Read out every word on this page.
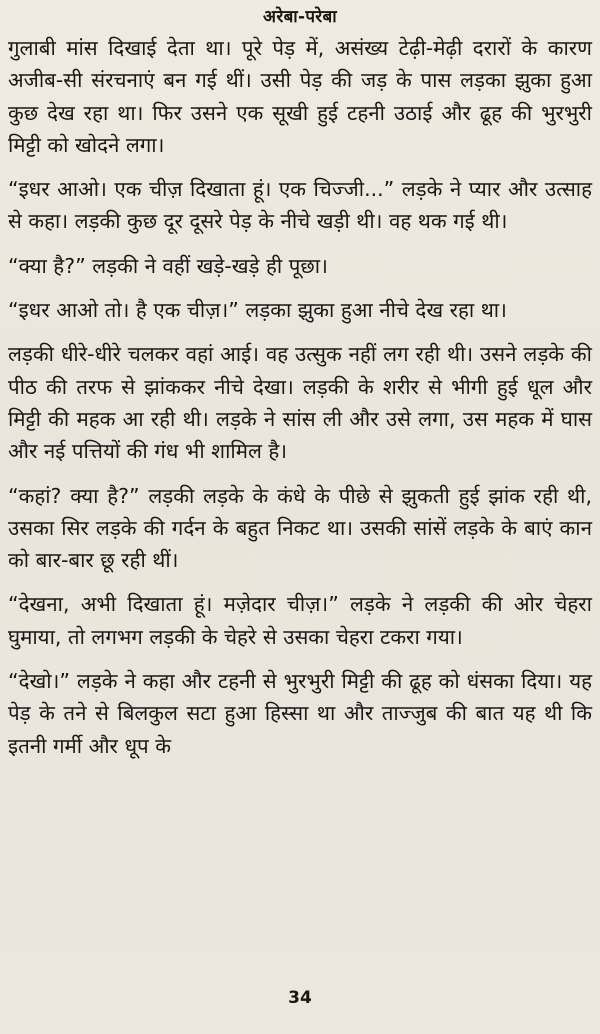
अरेबा-परेबा

गुलाबी मांस दिखाई देता था। पूरे पेड़ में, असंख्य टेढ़ी-मेढ़ी दरारों के कारण अजीब-सी संरचनाएं बन गई थीं। उसी पेड़ की जड़ के पास लड़का झुका हुआ कुछ देख रहा था। फिर उसने एक सूखी हुई टहनी उठाई और ढूह की भुरभुरी मिट्टी को खोदने लगा।

“इधर आओ। एक चीज़ दिखाता हूं। एक चिज्जी...” लड़के ने प्यार और उत्साह से कहा। लड़की कुछ दूर दूसरे पेड़ के नीचे खड़ी थी। वह थक गई थी।

“क्या है?” लड़की ने वहीं खड़े-खड़े ही पूछा।

“इधर आओ तो। है एक चीज़।” लड़का झुका हुआ नीचे देख रहा था।

लड़की धीरे-धीरे चलकर वहां आई। वह उत्सुक नहीं लग रही थी। उसने लड़के की पीठ की तरफ से झांककर नीचे देखा। लड़की के शरीर से भीगी हुई धूल और मिट्टी की महक आ रही थी। लड़के ने सांस ली और उसे लगा, उस महक में घास और नई पत्तियों की गंध भी शामिल है।

“कहां? क्या है?” लड़की लड़के के कंधे के पीछे से झुकती हुई झांक रही थी, उसका सिर लड़के की गर्दन के बहुत निकट था। उसकी सांसें लड़के के बाएं कान को बार-बार छू रही थीं।

“देखना, अभी दिखाता हूं। मज़ेदार चीज़।” लड़के ने लड़की की ओर चेहरा घुमाया, तो लगभग लड़की के चेहरे से उसका चेहरा टकरा गया।

“देखो।” लड़के ने कहा और टहनी से भुरभुरी मिट्टी की ढूह को धंसका दिया। यह पेड़ के तने से बिलकुल सटा हुआ हिस्सा था और ताज्जुब की बात यह थी कि इतनी गर्मी और धूप के

34
